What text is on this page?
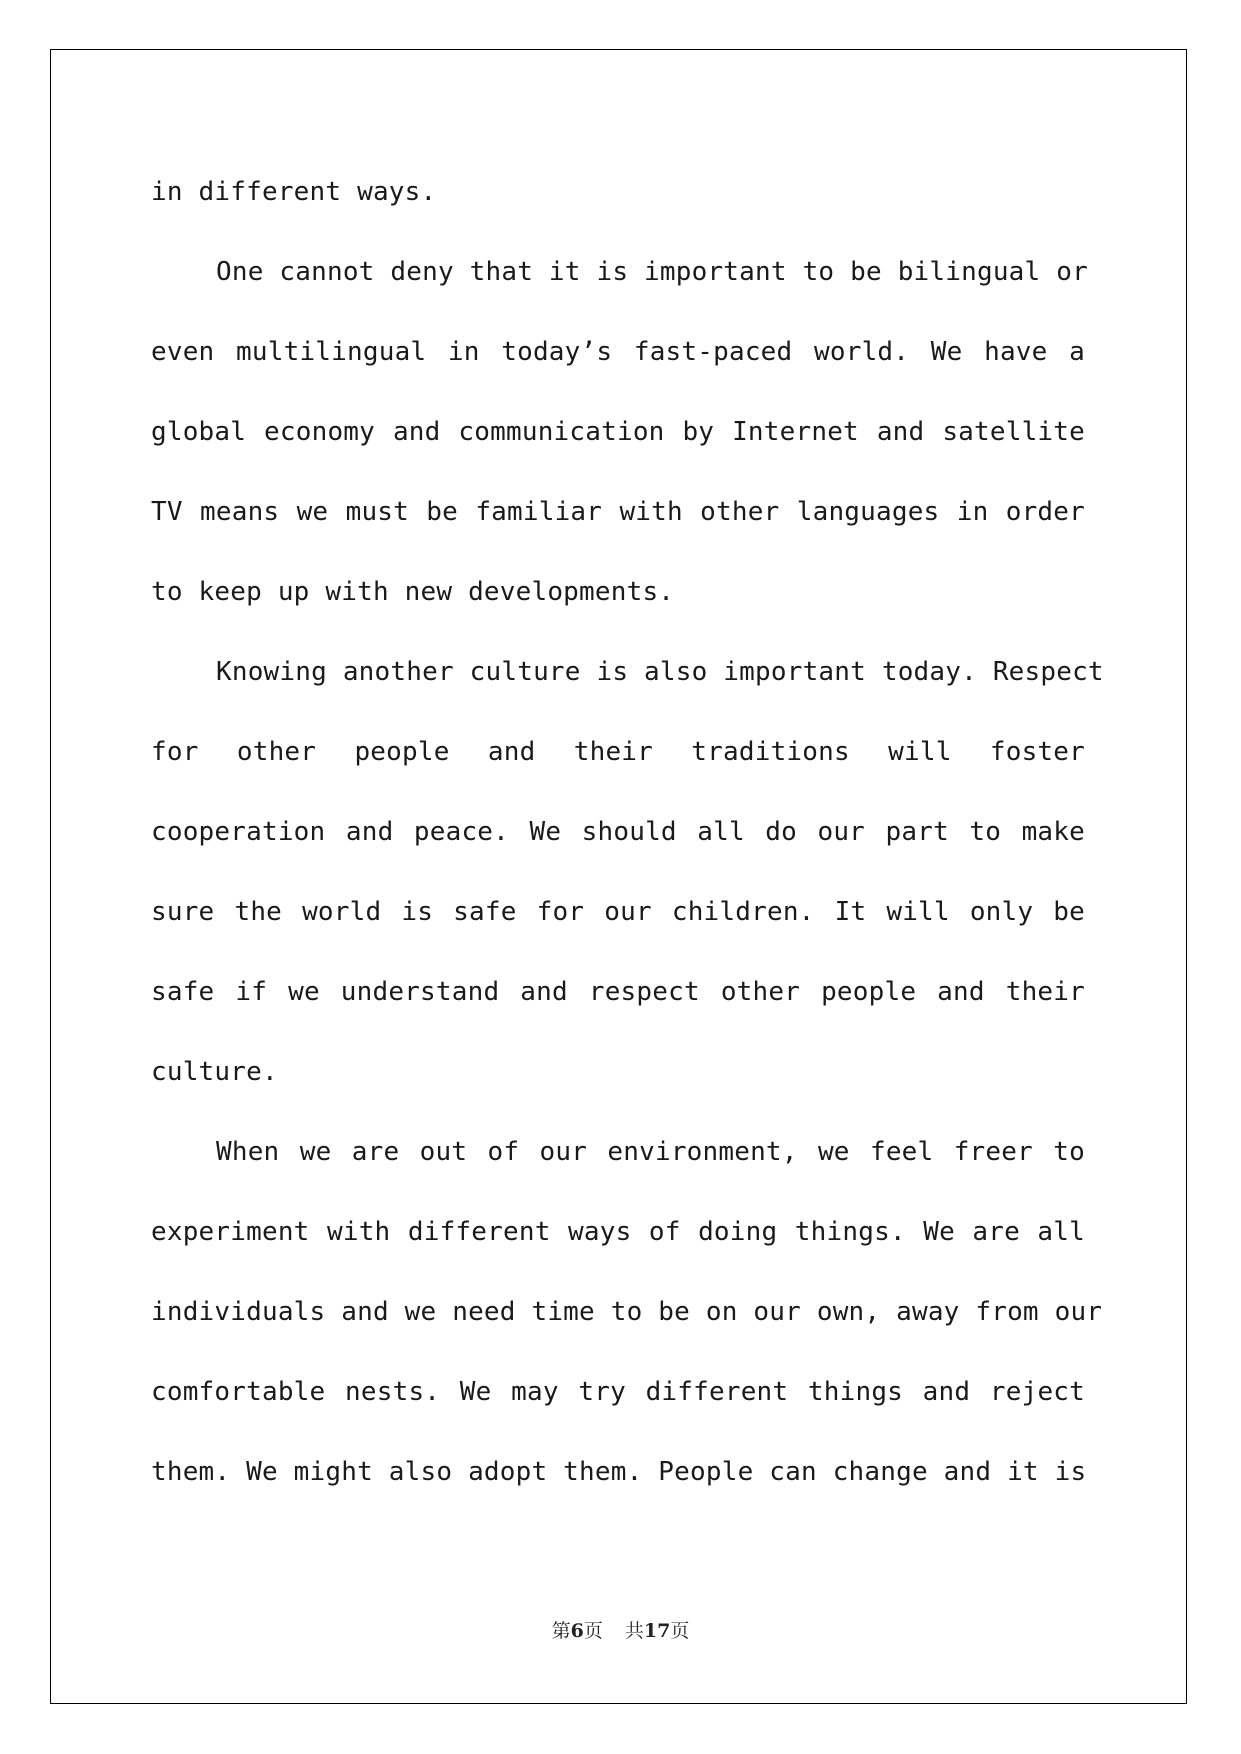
in different ways.
One cannot deny that it is important to be bilingual or
even multilingual in today’s fast-paced world. We have a
global economy and communication by Internet and satellite
TV means we must be familiar with other languages in order
to keep up with new developments.
Knowing another culture is also important today. Respect
for other people and their traditions will foster
cooperation and peace. We should all do our part to make
sure the world is safe for our children. It will only be
safe if we understand and respect other people and their
culture.
When we are out of our environment, we feel freer to
experiment with different ways of doing things. We are all
individuals and we need time to be on our own, away from our
comfortable nests. We may try different things and reject
them. We might also adopt them. People can change and it is
第6页 共17页
